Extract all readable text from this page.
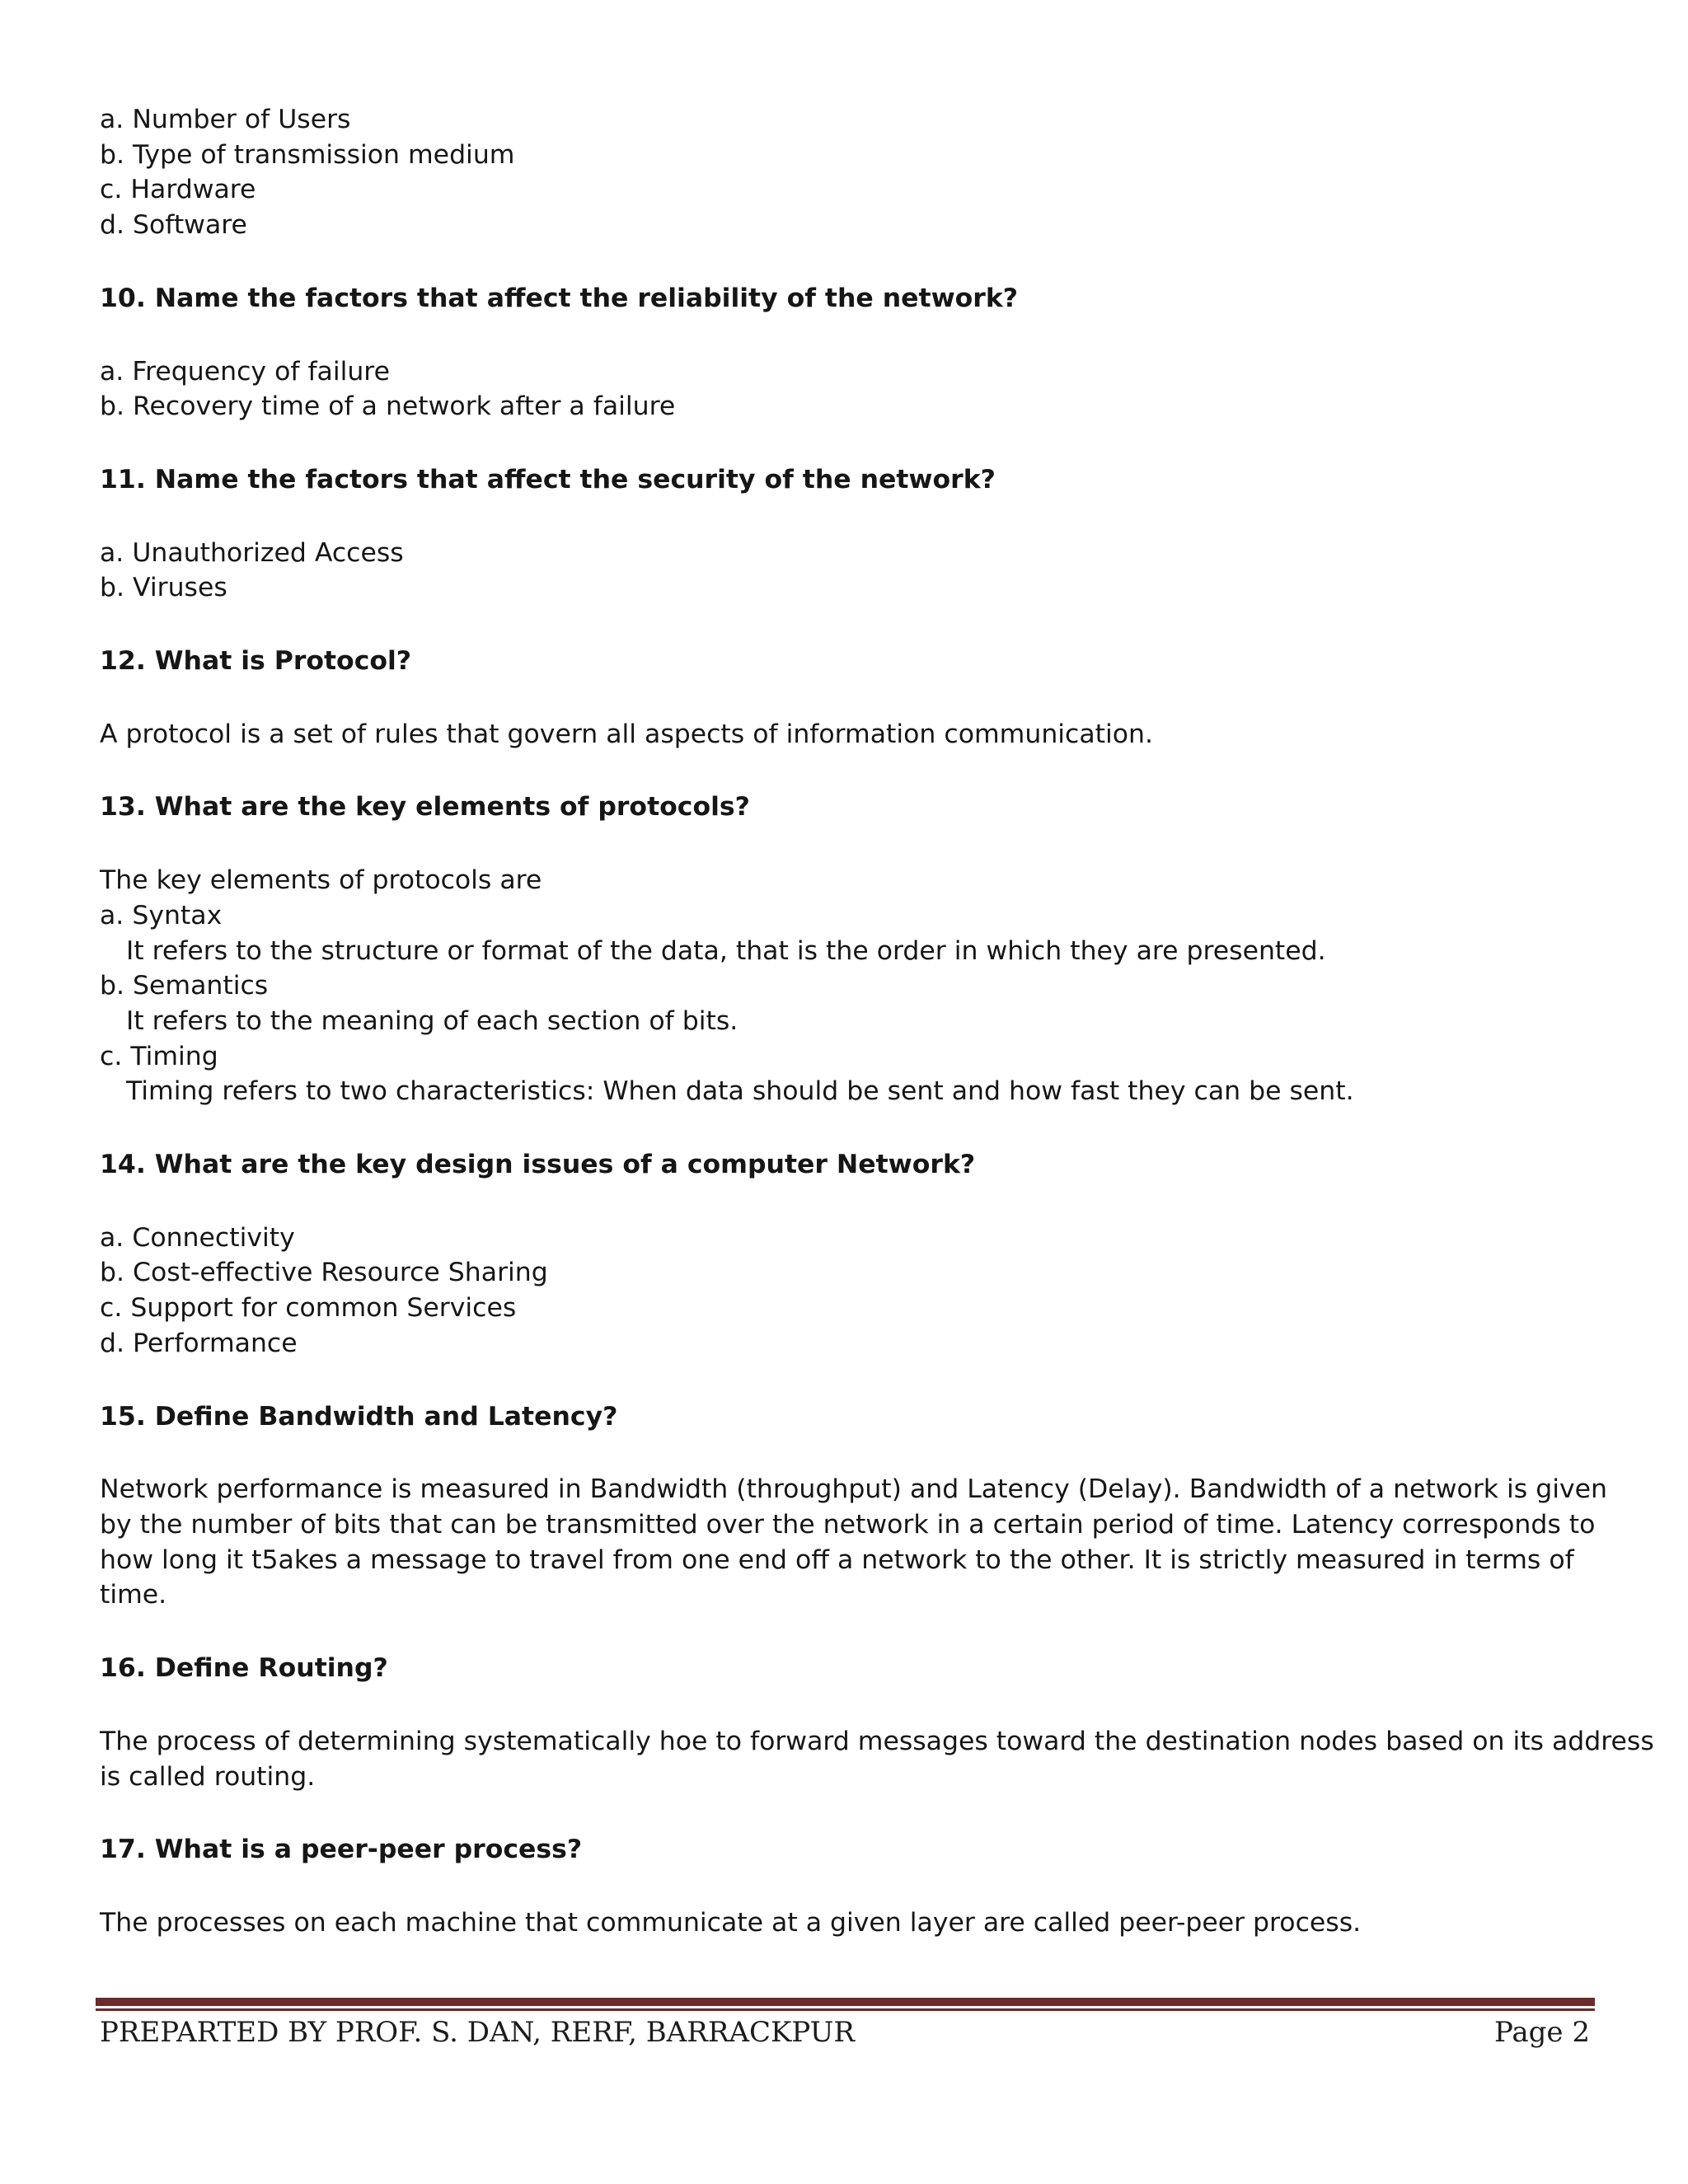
a. Number of Users
b. Type of transmission medium
c. Hardware
d. Software
10. Name the factors that affect the reliability of the network?
a. Frequency of failure
b. Recovery time of a network after a failure
11. Name the factors that affect the security of the network?
a. Unauthorized Access
b. Viruses
12. What is Protocol?
A protocol is a set of rules that govern all aspects of information communication.
13. What are the key elements of protocols?
The key elements of protocols are
a. Syntax
It refers to the structure or format of the data, that is the order in which they are presented.
b. Semantics
It refers to the meaning of each section of bits.
c. Timing
Timing refers to two characteristics: When data should be sent and how fast they can be sent.
14. What are the key design issues of a computer Network?
a. Connectivity
b. Cost-effective Resource Sharing
c. Support for common Services
d. Performance
15. Define Bandwidth and Latency?
Network performance is measured in Bandwidth (throughput) and Latency (Delay). Bandwidth of a network is given
by the number of bits that can be transmitted over the network in a certain period of time. Latency corresponds to
how long it t5akes a message to travel from one end off a network to the other. It is strictly measured in terms of
time.
16. Define Routing?
The process of determining systematically hoe to forward messages toward the destination nodes based on its address
is called routing.
17. What is a peer-peer process?
The processes on each machine that communicate at a given layer are called peer-peer process.
PREPARTED BY PROF. S. DAN, RERF, BARRACKPUR	Page 2
